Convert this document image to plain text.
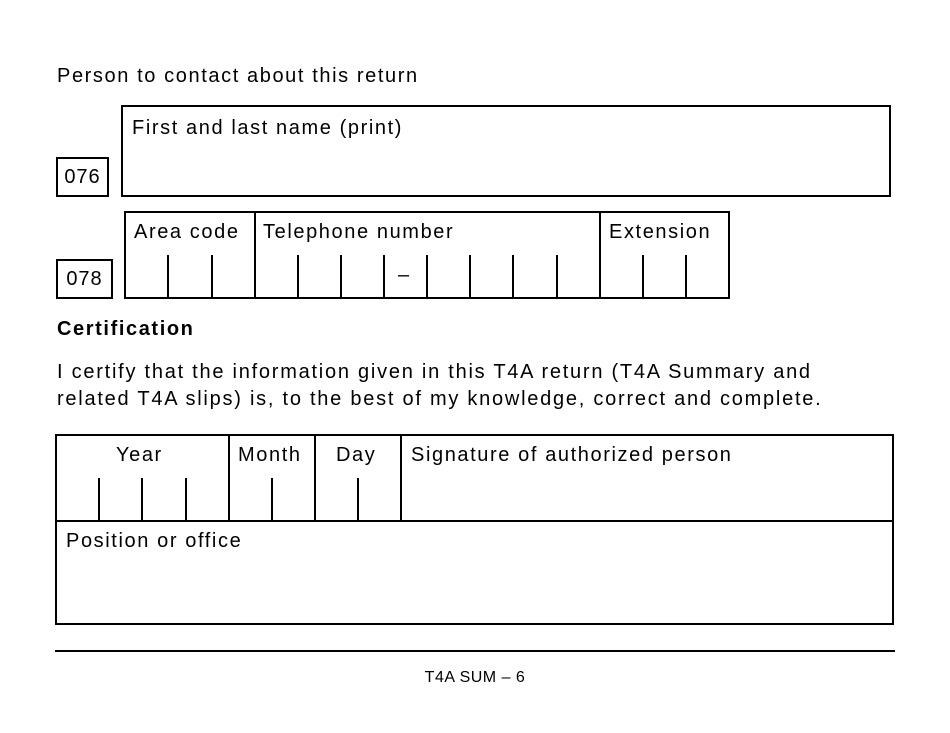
Person to contact about this return
076
First and last name (print)
078
Area code Telephone number	Extension
–
Certification
I certify that the information given in this T4A return (T4A Summary and
related T4A slips) is, to the best of my knowledge, correct and complete.
Year	Month Day Signature of authorized person
Position or office
T4A SUM – 6
